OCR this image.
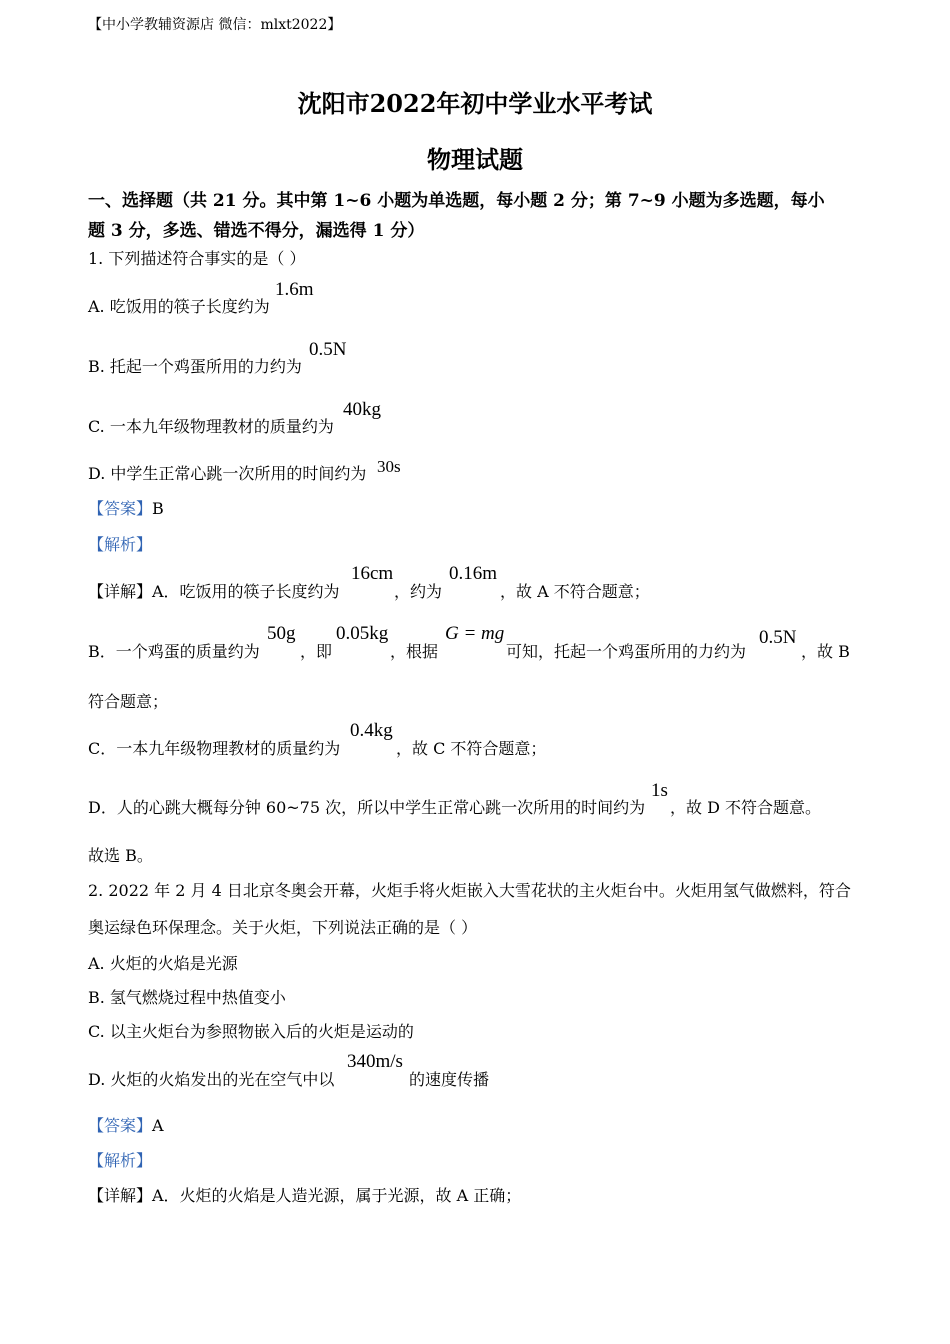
【中小学教辅资源店 微信：mlxt2022】
沈阳市2022年初中学业水平考试
物理试题
一、选择题（共 21 分。其中第 1~6 小题为单选题，每小题 2 分；第 7~9 小题为多选题，每小
题 3 分，多选、错选不得分，漏选得 1 分）
1. 下列描述符合事实的是（ ）
A. 吃饭用的筷子长度约为
1.6m
B. 托起一个鸡蛋所用的力约为
0.5N
C. 一本九年级物理教材的质量约为
40kg
D. 中学生正常心跳一次所用的时间约为 30s
【答案】B
【解析】
【详解】A．吃饭用的筷子长度约为
16cm
，约为
0.16m
，故 A 不符合题意；
B．一个鸡蛋的质量约为
50g
，即
0.05kg
，根据
G = mg
可知，托起一个鸡蛋所用的力约为
0.5N
，故 B
符合题意；
C．一本九年级物理教材的质量约为
0.4kg
，故 C 不符合题意；
D．人的心跳大概每分钟 60~75 次，所以中学生正常心跳一次所用的时间约为
1s
，故 D 不符合题意。
故选 B。
2. 2022 年 2 月 4 日北京冬奥会开幕，火炬手将火炬嵌入大雪花状的主火炬台中。火炬用氢气做燃料，符合
奥运绿色环保理念。关于火炬，下列说法正确的是（ ）
A. 火炬的火焰是光源
B. 氢气燃烧过程中热值变小
C. 以主火炬台为参照物嵌入后的火炬是运动的
D. 火炬的火焰发出的光在空气中以
340m/s
的速度传播
【答案】A
【解析】
【详解】A．火炬的火焰是人造光源，属于光源，故 A 正确；
